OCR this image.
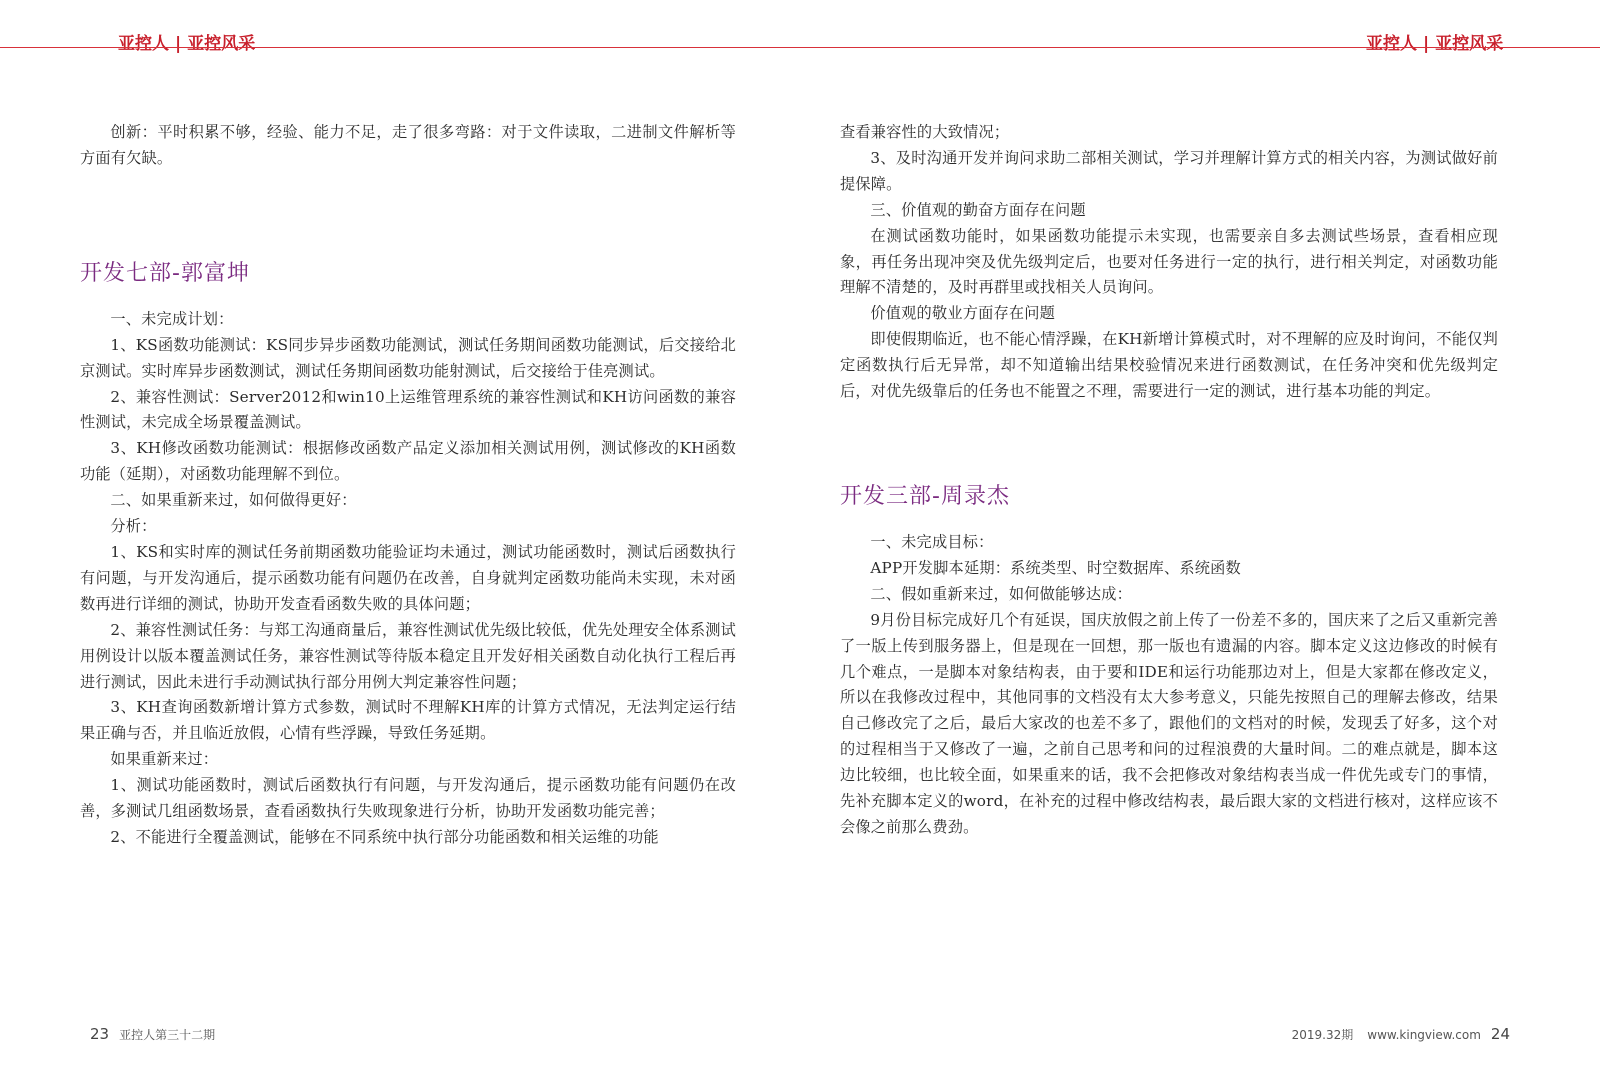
亚控人 | 亚控风采	亚控人 | 亚控风采

创新：平时积累不够，经验、能力不足，走了很多弯路：对于文件读取，二进制文件解析等方面有欠缺。

开发七部-郭富坤

一、未完成计划：

1、KS函数功能测试：KS同步异步函数功能测试，测试任务期间函数功能测试，后交接给北京测试。实时库异步函数测试，测试任务期间函数功能射测试，后交接给于佳亮测试。

2、兼容性测试：Server2012和win10上运维管理系统的兼容性测试和KH访问函数的兼容性测试，未完成全场景覆盖测试。

3、KH修改函数功能测试：根据修改函数产品定义添加相关测试用例，测试修改的KH函数功能（延期），对函数功能理解不到位。

二、如果重新来过，如何做得更好：

分析：

1、KS和实时库的测试任务前期函数功能验证均未通过，测试功能函数时，测试后函数执行有问题，与开发沟通后，提示函数功能有问题仍在改善，自身就判定函数功能尚未实现，未对函数再进行详细的测试，协助开发查看函数失败的具体问题；

2、兼容性测试任务：与郑工沟通商量后，兼容性测试优先级比较低，优先处理安全体系测试用例设计以版本覆盖测试任务，兼容性测试等待版本稳定且开发好相关函数自动化执行工程后再进行测试，因此未进行手动测试执行部分用例大判定兼容性问题；

3、KH查询函数新增计算方式参数，测试时不理解KH库的计算方式情况，无法判定运行结果正确与否，并且临近放假，心情有些浮躁，导致任务延期。

如果重新来过：

1、测试功能函数时，测试后函数执行有问题，与开发沟通后，提示函数功能有问题仍在改善，多测试几组函数场景，查看函数执行失败现象进行分析，协助开发函数功能完善；

2、不能进行全覆盖测试，能够在不同系统中执行部分功能函数和相关运维的功能

查看兼容性的大致情况；

3、及时沟通开发并询问求助二部相关测试，学习并理解计算方式的相关内容，为测试做好前提保障。

三、价值观的勤奋方面存在问题

在测试函数功能时，如果函数功能提示未实现，也需要亲自多去测试些场景，查看相应现象，再任务出现冲突及优先级判定后，也要对任务进行一定的执行，进行相关判定，对函数功能理解不清楚的，及时再群里或找相关人员询问。

价值观的敬业方面存在问题

即使假期临近，也不能心情浮躁，在KH新增计算模式时，对不理解的应及时询问，不能仅判定函数执行后无异常，却不知道输出结果校验情况来进行函数测试，在任务冲突和优先级判定后，对优先级靠后的任务也不能置之不理，需要进行一定的测试，进行基本功能的判定。

开发三部-周录杰

一、未完成目标：

APP开发脚本延期：系统类型、时空数据库、系统函数

二、假如重新来过，如何做能够达成：

9月份目标完成好几个有延误，国庆放假之前上传了一份差不多的，国庆来了之后又重新完善了一版上传到服务器上，但是现在一回想，那一版也有遗漏的内容。脚本定义这边修改的时候有几个难点，一是脚本对象结构表，由于要和IDE和运行功能那边对上，但是大家都在修改定义，所以在我修改过程中，其他同事的文档没有太大参考意义，只能先按照自己的理解去修改，结果自己修改完了之后，最后大家改的也差不多了，跟他们的文档对的时候，发现丢了好多，这个对的过程相当于又修改了一遍，之前自己思考和问的过程浪费的大量时间。二的难点就是，脚本这边比较细，也比较全面，如果重来的话，我不会把修改对象结构表当成一件优先或专门的事情，先补充脚本定义的word，在补充的过程中修改结构表，最后跟大家的文档进行核对，这样应该不会像之前那么费劲。

23 亚控人第三十二期	2019.32期 www.kingview.com 24
